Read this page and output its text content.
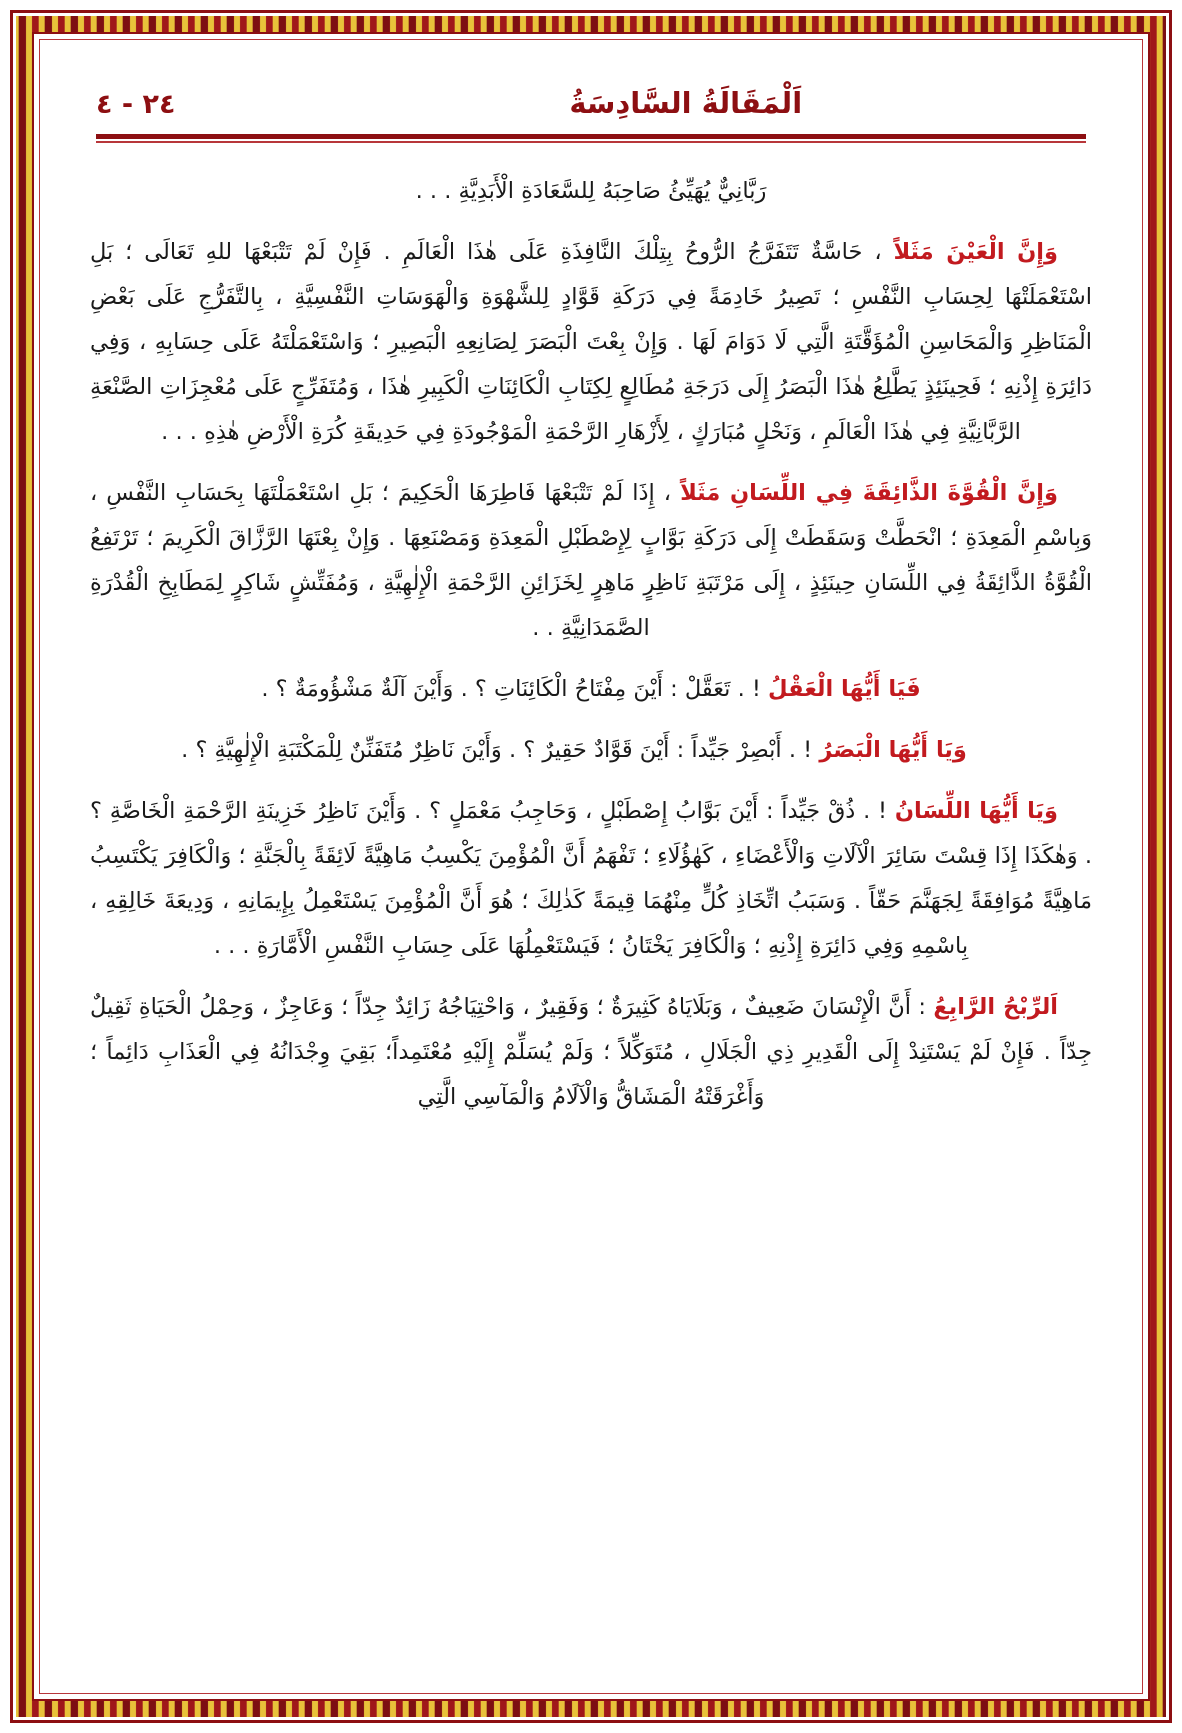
٢٤ - ٤	اَلْمَقَالَةُ السَّادِسَةُ

رَبَّانِيٌّ يُهَيِّئُ صَاحِبَهُ لِلسَّعَادَةِ الْأَبَدِيَّةِ . . .

وَإِنَّ الْعَيْنَ مَثَلاً ، حَاسَّةٌ تَتَفَرَّجُ الرُّوحُ بِتِلْكَ النَّافِذَةِ عَلَى هٰذَا الْعَالَمِ . فَإِنْ لَمْ تَتْبَعْهَا للهِ تَعَالَى ؛ بَلِ اسْتَعْمَلَتْهَا لِحِسَابِ النَّفْسِ ؛ تَصِيرُ خَادِمَةً فِي دَرَكَةِ قَوَّادٍ لِلشَّهْوَةِ وَالْهَوَسَاتِ النَّفْسِيَّةِ ، بِالتَّفَرُّجِ عَلَى بَعْضِ الْمَنَاظِرِ وَالْمَحَاسِنِ الْمُؤَقَّتَةِ الَّتِي لَا دَوَامَ لَهَا . وَإِنْ بِعْتَ الْبَصَرَ لِصَانِعِهِ الْبَصِيرِ ؛ وَاسْتَعْمَلْتَهُ عَلَى حِسَابِهِ ، وَفِي دَائِرَةِ إِذْنِهِ ؛ فَحِينَئِذٍ يَطَّلِعُ هٰذَا الْبَصَرُ إِلَى دَرَجَةِ مُطَالِعٍ لِكِتَابِ الْكَائِنَاتِ الْكَبِيرِ هٰذَا ، وَمُتَفَرِّجٍ عَلَى مُعْجِزَاتِ الصَّنْعَةِ الرَّبَّانِيَّةِ فِي هٰذَا الْعَالَمِ ، وَنَحْلٍ مُبَارَكٍ ، لِأَزْهَارِ الرَّحْمَةِ الْمَوْجُودَةِ فِي حَدِيقَةِ كُرَةِ الْأَرْضِ هٰذِهِ . . .

وَإِنَّ الْقُوَّةَ الذَّائِقَةَ فِي اللِّسَانِ مَثَلاً ، إِذَا لَمْ تَتْبَعْهَا فَاطِرَهَا الْحَكِيمَ ؛ بَلِ اسْتَعْمَلْتَهَا بِحَسَابِ النَّفْسِ ، وَبِاسْمِ الْمَعِدَةِ ؛ انْحَطَّتْ وَسَقَطَتْ إِلَى دَرَكَةِ بَوَّابٍ لِإِصْطَبْلِ الْمَعِدَةِ وَمَصْنَعِهَا . وَإِنْ بِعْتَهَا الرَّزَّاقَ الْكَرِيمَ ؛ تَرْتَفِعُ الْقُوَّةُ الذَّائِقَةُ فِي اللِّسَانِ حِينَئِذٍ ، إِلَى مَرْتَبَةِ نَاظِرٍ مَاهِرٍ لِخَزَائِنِ الرَّحْمَةِ الْإِلٰهِيَّةِ ، وَمُفَتِّشٍ شَاكِرٍ لِمَطَابِخِ الْقُدْرَةِ الصَّمَدَانِيَّةِ . .

فَيَا أَيُّهَا الْعَقْلُ ! . تَعَقَّلْ : أَيْنَ مِفْتَاحُ الْكَائِنَاتِ ؟ . وَأَيْنَ آلَةٌ مَشْؤُومَةٌ ؟ .

وَيَا أَيُّهَا الْبَصَرُ ! . أَبْصِرْ جَيِّداً : أَيْنَ قَوَّادٌ حَقِيرٌ ؟ . وَأَيْنَ نَاظِرٌ مُتَفَنِّنٌ لِلْمَكْتَبَةِ الْإِلٰهِيَّةِ ؟ .

وَيَا أَيُّهَا اللِّسَانُ ! . ذُقْ جَيِّداً : أَيْنَ بَوَّابُ إِصْطَبْلٍ ، وَحَاجِبُ مَعْمَلٍ ؟ . وَأَيْنَ نَاظِرُ خَزِينَةِ الرَّحْمَةِ الْخَاصَّةِ ؟ . وَهٰكَذَا إِذَا قِسْتَ سَائِرَ الْآلَاتِ وَالْأَعْضَاءِ ، كَهٰؤُلَاءِ ؛ تَفْهَمُ أَنَّ الْمُؤْمِنَ يَكْسِبُ مَاهِيَّةً لَائِقَةً بِالْجَنَّةِ ؛ وَالْكَافِرَ يَكْتَسِبُ مَاهِيَّةً مُوَافِقَةً لِجَهَنَّمَ حَقّاً . وَسَبَبُ اتِّخَاذِ كُلٍّ مِنْهُمَا قِيمَةً كَذٰلِكَ ؛ هُوَ أَنَّ الْمُؤْمِنَ يَسْتَعْمِلُ بِإِيمَانِهِ ، وَدِيعَةَ خَالِقِهِ ، بِاسْمِهِ وَفِي دَائِرَةِ إِذْنِهِ ؛ وَالْكَافِرَ يَخْتَانُ ؛ فَيَسْتَعْمِلُهَا عَلَى حِسَابِ النَّفْسِ الْأَمَّارَةِ . . .

اَلرِّبْحُ الرَّابِعُ : أَنَّ الْإِنْسَانَ ضَعِيفٌ ، وَبَلَايَاهُ كَثِيرَةٌ ؛ وَفَقِيرٌ ، وَاحْتِيَاجُهُ زَائِدٌ جِدّاً ؛ وَعَاجِزٌ ، وَحِمْلُ الْحَيَاةِ ثَقِيلٌ جِدّاً . فَإِنْ لَمْ يَسْتَنِدْ إِلَى الْقَدِيرِ ذِي الْجَلَالِ ، مُتَوَكِّلاً ؛ وَلَمْ يُسَلِّمْ إِلَيْهِ مُعْتَمِداً؛ بَقِيَ وِجْدَانُهُ فِي الْعَذَابِ دَائِماً ؛ وَأَغْرَقَتْهُ الْمَشَاقُّ وَالْآلَامُ وَالْمَآسِي الَّتِي
